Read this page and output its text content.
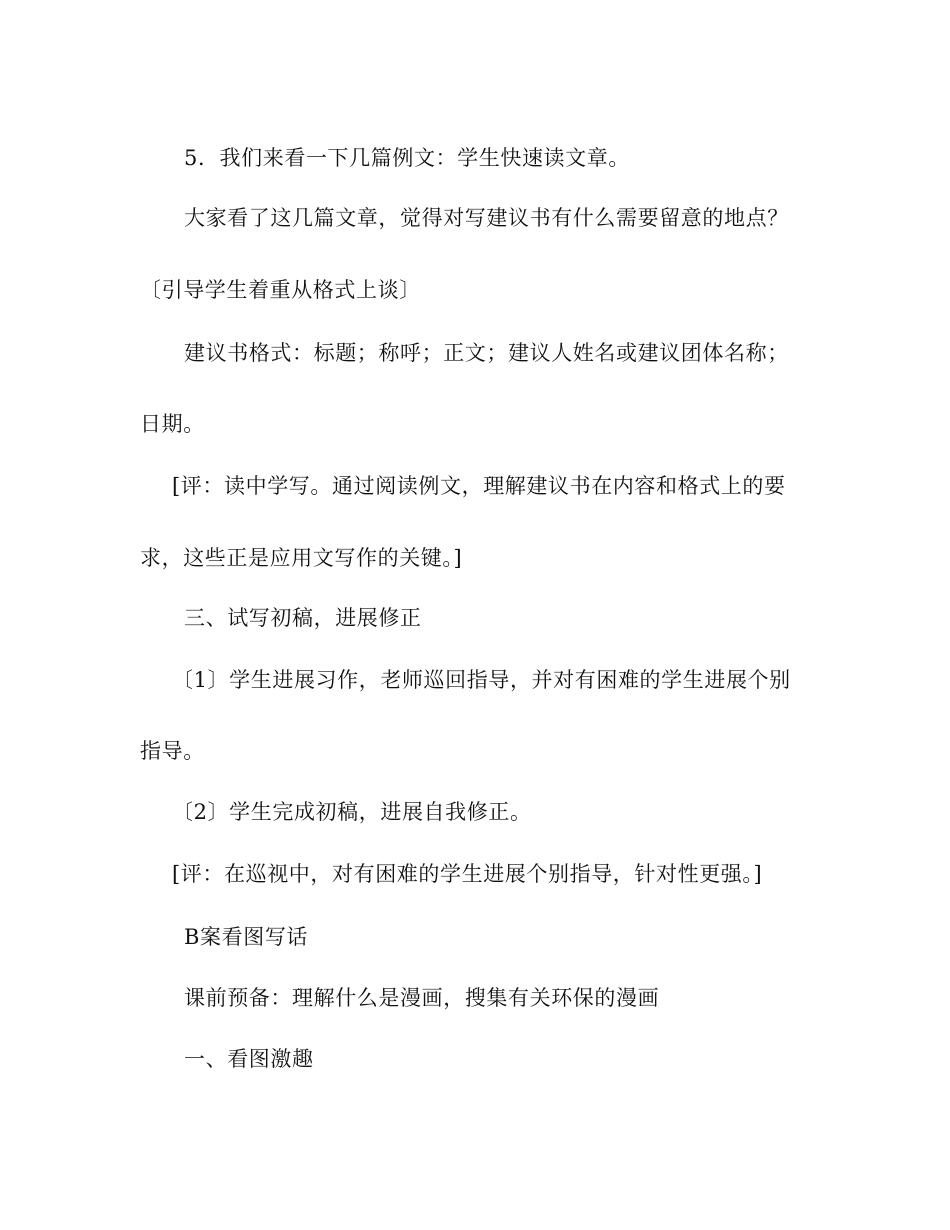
5．我们来看一下几篇例文：学生快速读文章。
大家看了这几篇文章，觉得对写建议书有什么需要留意的地点？
〔引导学生着重从格式上谈〕
建议书格式：标题；称呼；正文；建议人姓名或建议团体名称；
日期。
[评：读中学写。通过阅读例文，理解建议书在内容和格式上的要
求，这些正是应用文写作的关键。]
三、试写初稿，进展修正
〔1〕学生进展习作，老师巡回指导，并对有困难的学生进展个别
指导。
〔2〕学生完成初稿，进展自我修正。
[评：在巡视中，对有困难的学生进展个别指导，针对性更强。]
B案看图写话
课前预备：理解什么是漫画，搜集有关环保的漫画
一、看图激趣
